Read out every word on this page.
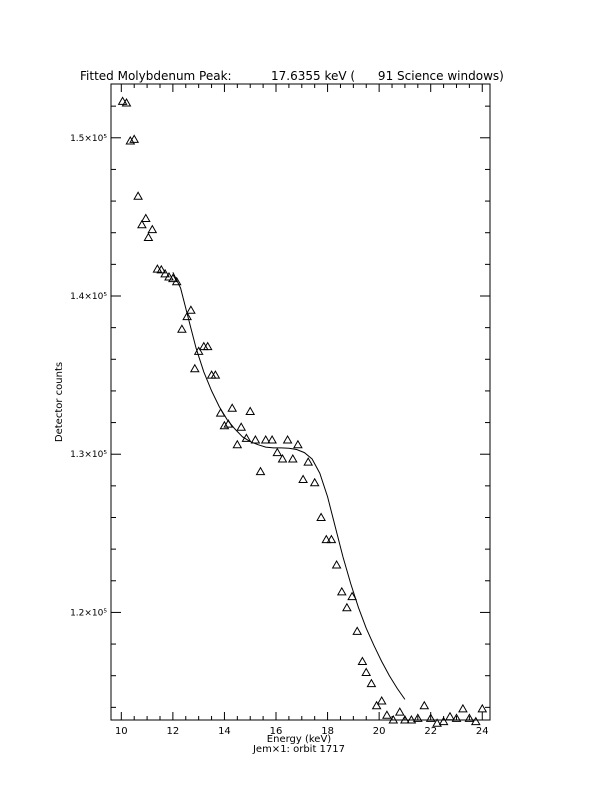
Fitted Molybdenum Peak:	17.6355 keV (      91 Science windows)
10	12	14	16	18	20	22	24
1.2×10⁵
1.3×10⁵
1.4×10⁵
1.5×10⁵
Detector counts
Energy (keV)
Jem×1: orbit 1717
